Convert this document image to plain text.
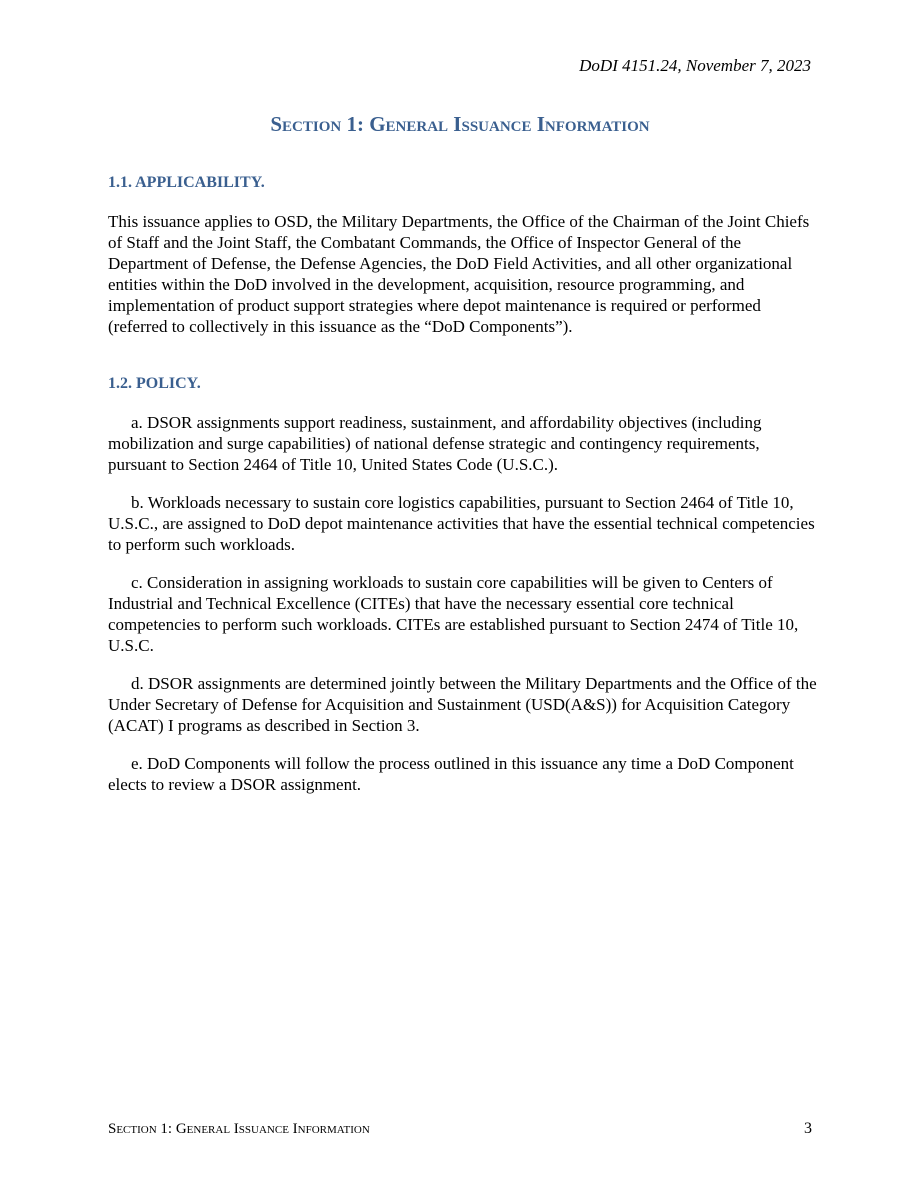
DoDI 4151.24, November 7, 2023
Section 1: General Issuance Information

1.1. APPLICABILITY.

This issuance applies to OSD, the Military Departments, the Office of the Chairman of the Joint Chiefs of Staff and the Joint Staff, the Combatant Commands, the Office of Inspector General of the Department of Defense, the Defense Agencies, the DoD Field Activities, and all other organizational entities within the DoD involved in the development, acquisition, resource programming, and implementation of product support strategies where depot maintenance is required or performed (referred to collectively in this issuance as the “DoD Components”).

1.2. POLICY.

a. DSOR assignments support readiness, sustainment, and affordability objectives (including mobilization and surge capabilities) of national defense strategic and contingency requirements, pursuant to Section 2464 of Title 10, United States Code (U.S.C.).

b. Workloads necessary to sustain core logistics capabilities, pursuant to Section 2464 of Title 10, U.S.C., are assigned to DoD depot maintenance activities that have the essential technical competencies to perform such workloads.

c. Consideration in assigning workloads to sustain core capabilities will be given to Centers of Industrial and Technical Excellence (CITEs) that have the necessary essential core technical competencies to perform such workloads. CITEs are established pursuant to Section 2474 of Title 10, U.S.C.

d. DSOR assignments are determined jointly between the Military Departments and the Office of the Under Secretary of Defense for Acquisition and Sustainment (USD(A&S)) for Acquisition Category (ACAT) I programs as described in Section 3.

e. DoD Components will follow the process outlined in this issuance any time a DoD Component elects to review a DSOR assignment.

Section 1: General Issuance Information	3
